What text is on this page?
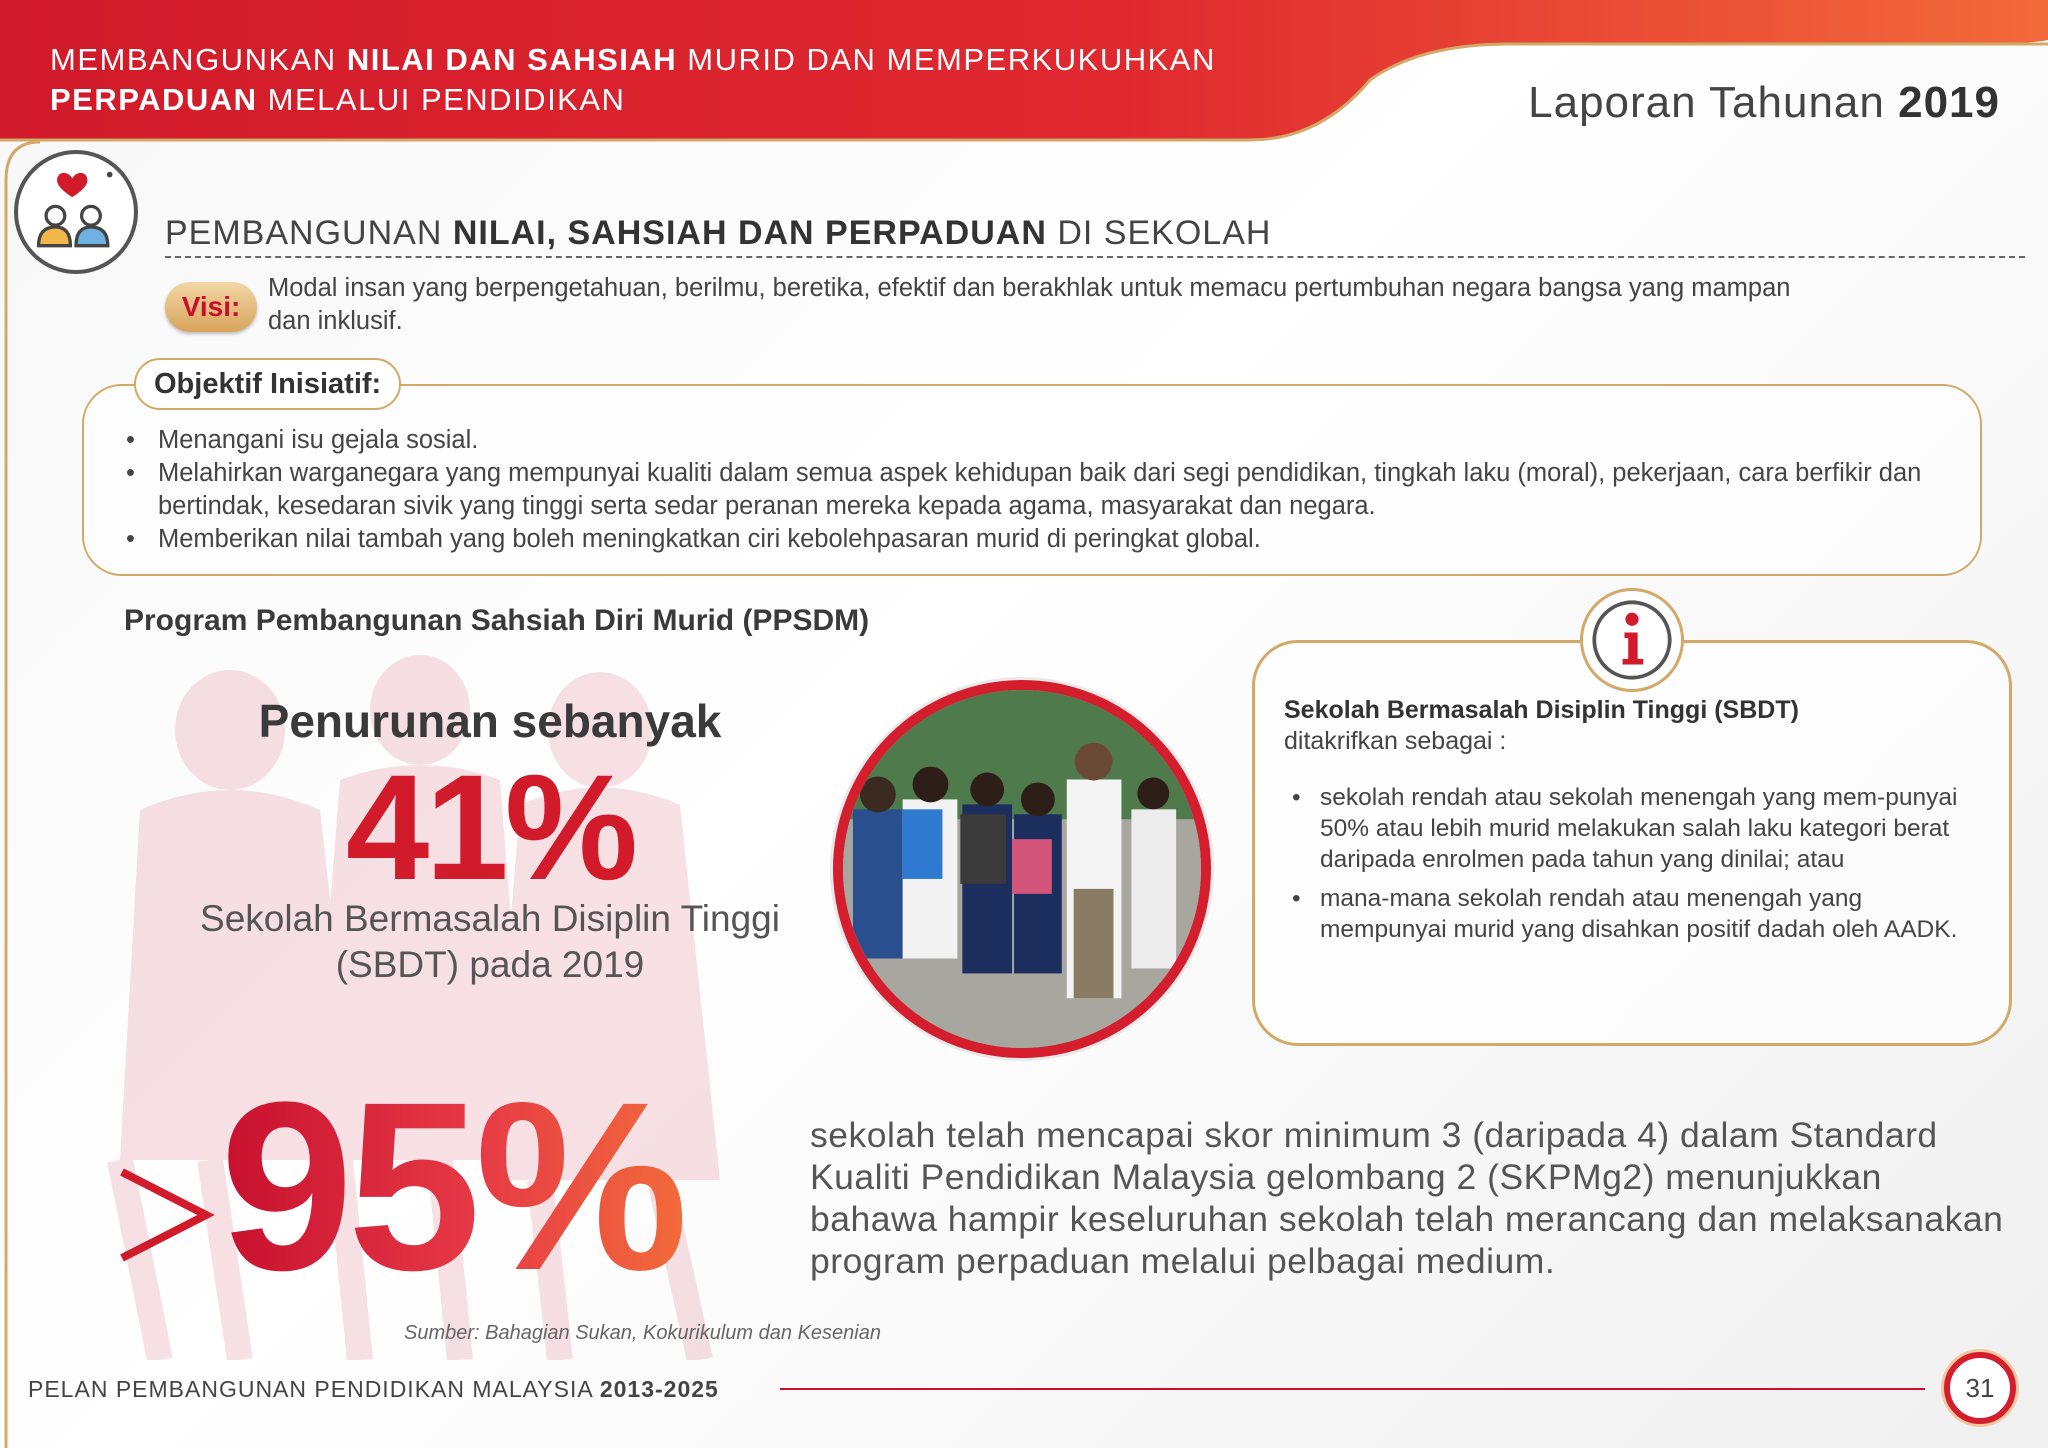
MEMBANGUNKAN NILAI DAN SAHSIAH MURID DAN MEMPERKUKUHKAN
PERPADUAN MELALUI PENDIDIKAN	Laporan Tahunan 2019
PEMBANGUNAN NILAI, SAHSIAH DAN PERPADUAN DI SEKOLAH
Visi:
Modal insan yang berpengetahuan, berilmu, beretika, efektif dan berakhlak untuk memacu pertumbuhan negara bangsa yang mampan dan inklusif.
Objektif Inisiatif:
• Menangani isu gejala sosial.
• Melahirkan warganegara yang mempunyai kualiti dalam semua aspek kehidupan baik dari segi pendidikan, tingkah laku (moral), pekerjaan, cara berfikir dan bertindak, kesedaran sivik yang tinggi serta sedar peranan mereka kepada agama, masyarakat dan negara.
• Memberikan nilai tambah yang boleh meningkatkan ciri kebolehpasaran murid di peringkat global.
Program Pembangunan Sahsiah Diri Murid (PPSDM)
Penurunan sebanyak
41%
Sekolah Bermasalah Disiplin Tinggi (SBDT) pada 2019
Sekolah Bermasalah Disiplin Tinggi (SBDT)
ditakrifkan sebagai :
• sekolah rendah atau sekolah menengah yang mem-punyai 50% atau lebih murid melakukan salah laku kategori berat daripada enrolmen pada tahun yang dinilai; atau
• mana-mana sekolah rendah atau menengah yang mempunyai murid yang disahkan positif dadah oleh AADK.
95%	sekolah telah mencapai skor minimum 3 (daripada 4) dalam Standard Kualiti Pendidikan Malaysia gelombang 2 (SKPMg2) menunjukkan bahawa hampir keseluruhan sekolah telah merancang dan melaksanakan program perpaduan melalui pelbagai medium.
Sumber: Bahagian Sukan, Kokurikulum dan Kesenian
PELAN PEMBANGUNAN PENDIDIKAN MALAYSIA 2013-2025	31
